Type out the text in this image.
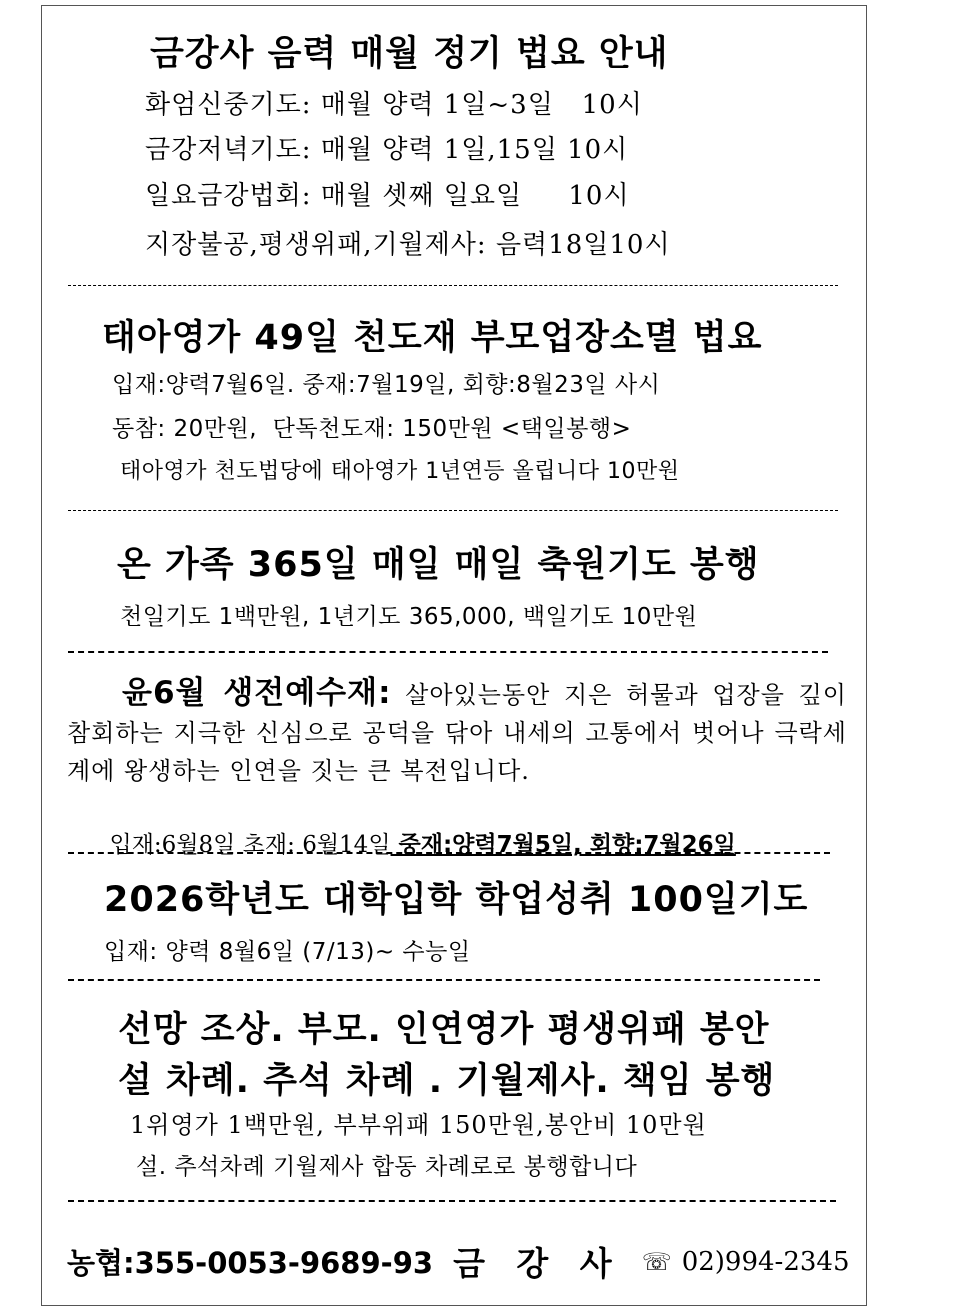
금강사 음력 매월 정기 법요 안내
화엄신중기도: 매월 양력 1일~3일   10시
금강저녁기도: 매월 양력 1일,15일 10시
일요금강법회: 매월 셋째 일요일     10시
지장불공,평생위패,기월제사: 음력18일10시
태아영가 49일 천도재 부모업장소멸 법요
입재:양력7월6일. 중재:7월19일, 회향:8월23일 사시
동참: 20만원,  단독천도재: 150만원 <택일봉행>
태아영가 천도법당에 태아영가 1년연등 올립니다 10만원
온 가족 365일 매일 매일 축원기도 봉행
천일기도 1백만원, 1년기도 365,000, 백일기도 10만원
윤6월 생전예수재: 살아있는동안 지은 허물과 업장을 깊이 참회하는 지극한 신심으로 공덕을 닦아 내세의 고통에서 벗어나 극락세계에 왕생하는 인연을 짓는 큰 복전입니다.

입재:6월8일 초재: 6월14일 중재:양력7월5일, 회향:7월26일

2026학년도 대학입학 학업성취 100일기도
입재: 양력 8월6일 (7/13)~ 수능일
선망 조상. 부모. 인연영가 평생위패 봉안
설 차례. 추석 차례 . 기월제사. 책임 봉행
1위영가 1백만원, 부부위패 150만원,봉안비 10만원
설. 추석차례 기월제사 합동 차례로로 봉행합니다
농협:355-0053-9689-93 금 강 사 ☏ 02)994-2345
